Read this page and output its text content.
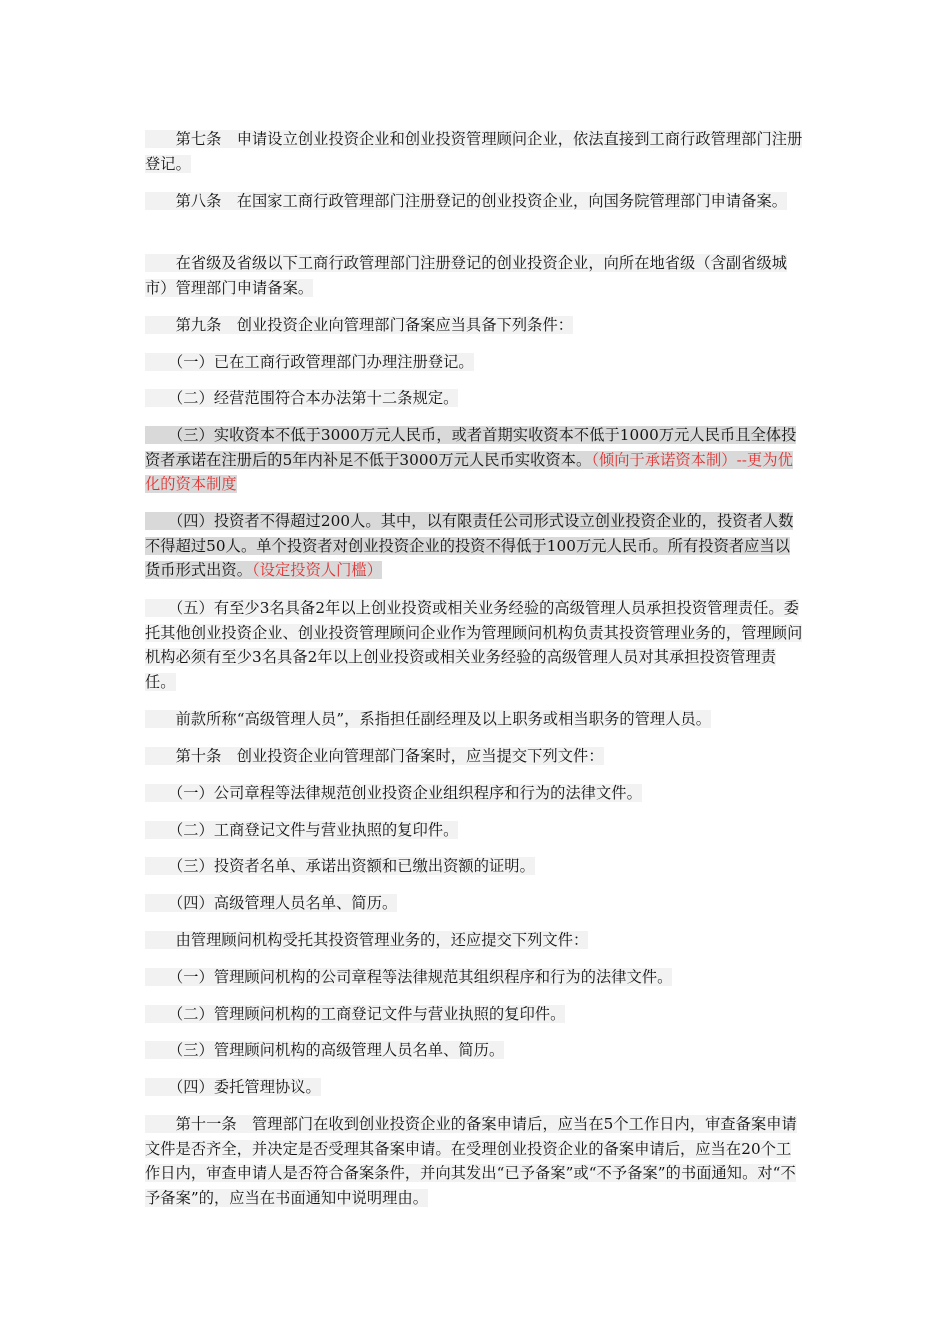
　　第七条　申请设立创业投资企业和创业投资管理顾问企业，依法直接到工商行政管理部门注册登记。

　　第八条　在国家工商行政管理部门注册登记的创业投资企业，向国务院管理部门申请备案。

　　在省级及省级以下工商行政管理部门注册登记的创业投资企业，向所在地省级（含副省级城市）管理部门申请备案。

　　第九条　创业投资企业向管理部门备案应当具备下列条件：

　　（一）已在工商行政管理部门办理注册登记。

　　（二）经营范围符合本办法第十二条规定。

　　（三）实收资本不低于3000万元人民币，或者首期实收资本不低于1000万元人民币且全体投资者承诺在注册后的5年内补足不低于3000万元人民币实收资本。（倾向于承诺资本制）--更为优化的资本制度

　　（四）投资者不得超过200人。其中，以有限责任公司形式设立创业投资企业的，投资者人数不得超过50人。单个投资者对创业投资企业的投资不得低于100万元人民币。所有投资者应当以货币形式出资。（设定投资人门槛）

　　（五）有至少3名具备2年以上创业投资或相关业务经验的高级管理人员承担投资管理责任。委托其他创业投资企业、创业投资管理顾问企业作为管理顾问机构负责其投资管理业务的，管理顾问机构必须有至少3名具备2年以上创业投资或相关业务经验的高级管理人员对其承担投资管理责任。

　　前款所称“高级管理人员”，系指担任副经理及以上职务或相当职务的管理人员。

　　第十条　创业投资企业向管理部门备案时，应当提交下列文件：

　　（一）公司章程等法律规范创业投资企业组织程序和行为的法律文件。

　　（二）工商登记文件与营业执照的复印件。

　　（三）投资者名单、承诺出资额和已缴出资额的证明。

　　（四）高级管理人员名单、简历。

　　由管理顾问机构受托其投资管理业务的，还应提交下列文件：

　　（一）管理顾问机构的公司章程等法律规范其组织程序和行为的法律文件。

　　（二）管理顾问机构的工商登记文件与营业执照的复印件。

　　（三）管理顾问机构的高级管理人员名单、简历。

　　（四）委托管理协议。

　　第十一条　管理部门在收到创业投资企业的备案申请后，应当在5个工作日内，审查备案申请文件是否齐全，并决定是否受理其备案申请。在受理创业投资企业的备案申请后，应当在20个工作日内，审查申请人是否符合备案条件，并向其发出“已予备案”或“不予备案”的书面通知。对“不予备案”的，应当在书面通知中说明理由。
